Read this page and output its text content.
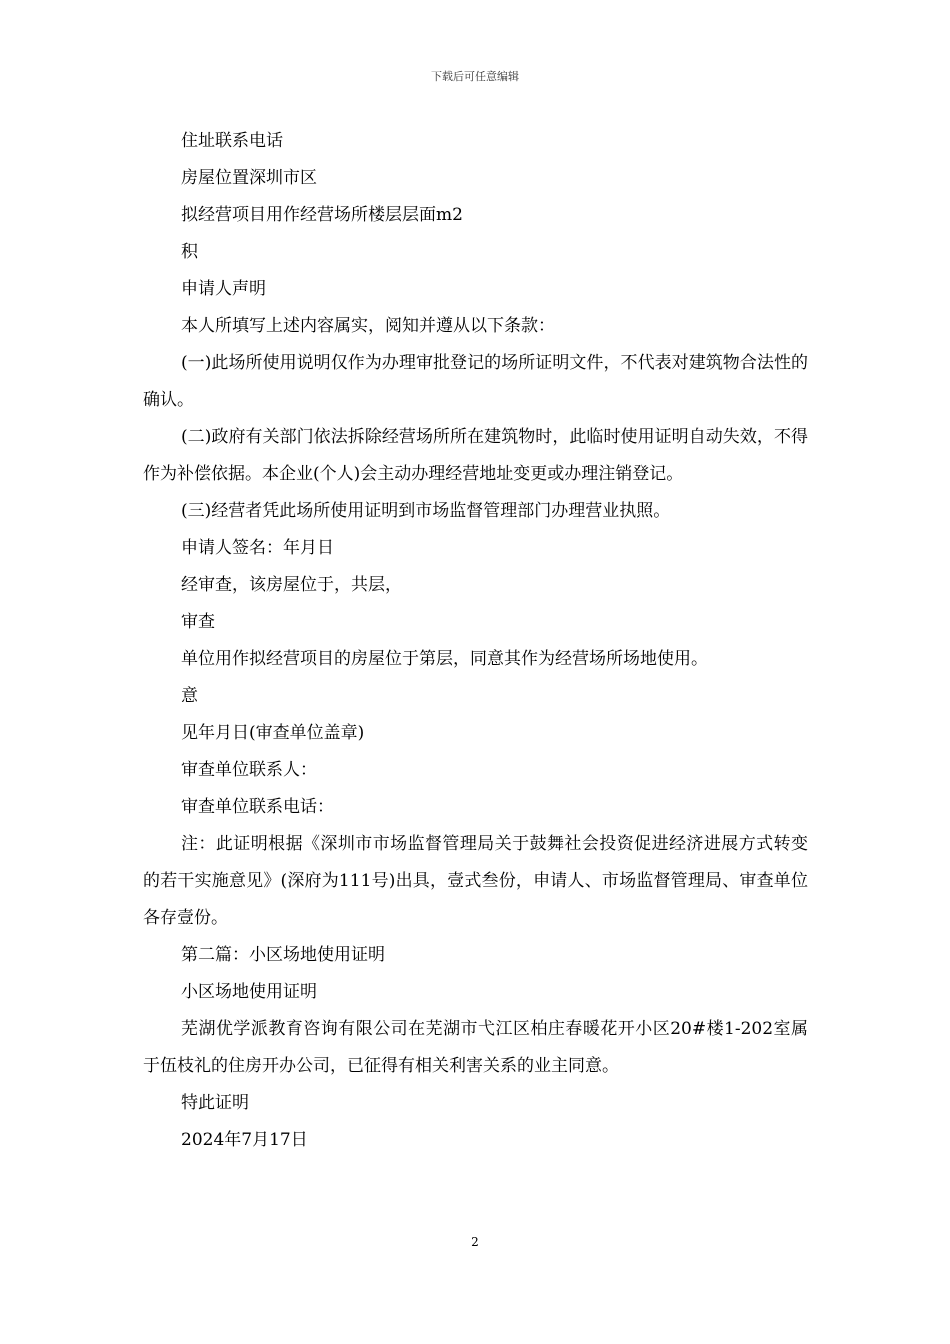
下载后可任意编辑

住址联系电话

房屋位置深圳市区

拟经营项目用作经营场所楼层层面m2

积

申请人声明

本人所填写上述内容属实，阅知并遵从以下条款：

(一)此场所使用说明仅作为办理审批登记的场所证明文件，不代表对建筑物合法性的确认。

(二)政府有关部门依法拆除经营场所所在建筑物时，此临时使用证明自动失效，不得作为补偿依据。本企业(个人)会主动办理经营地址变更或办理注销登记。

(三)经营者凭此场所使用证明到市场监督管理部门办理营业执照。

申请人签名：年月日

经审查，该房屋位于，共层，

审查

单位用作拟经营项目的房屋位于第层，同意其作为经营场所场地使用。

意

见年月日(审查单位盖章)

审查单位联系人：

审查单位联系电话：

注：此证明根据《深圳市市场监督管理局关于鼓舞社会投资促进经济进展方式转变的若干实施意见》(深府为111号)出具，壹式叁份，申请人、市场监督管理局、审查单位各存壹份。

第二篇：小区场地使用证明

小区场地使用证明

芜湖优学派教育咨询有限公司在芜湖市弋江区柏庄春暖花开小区20#楼1-202室属于伍枝礼的住房开办公司，已征得有相关利害关系的业主同意。

特此证明

2024年7月17日

2
